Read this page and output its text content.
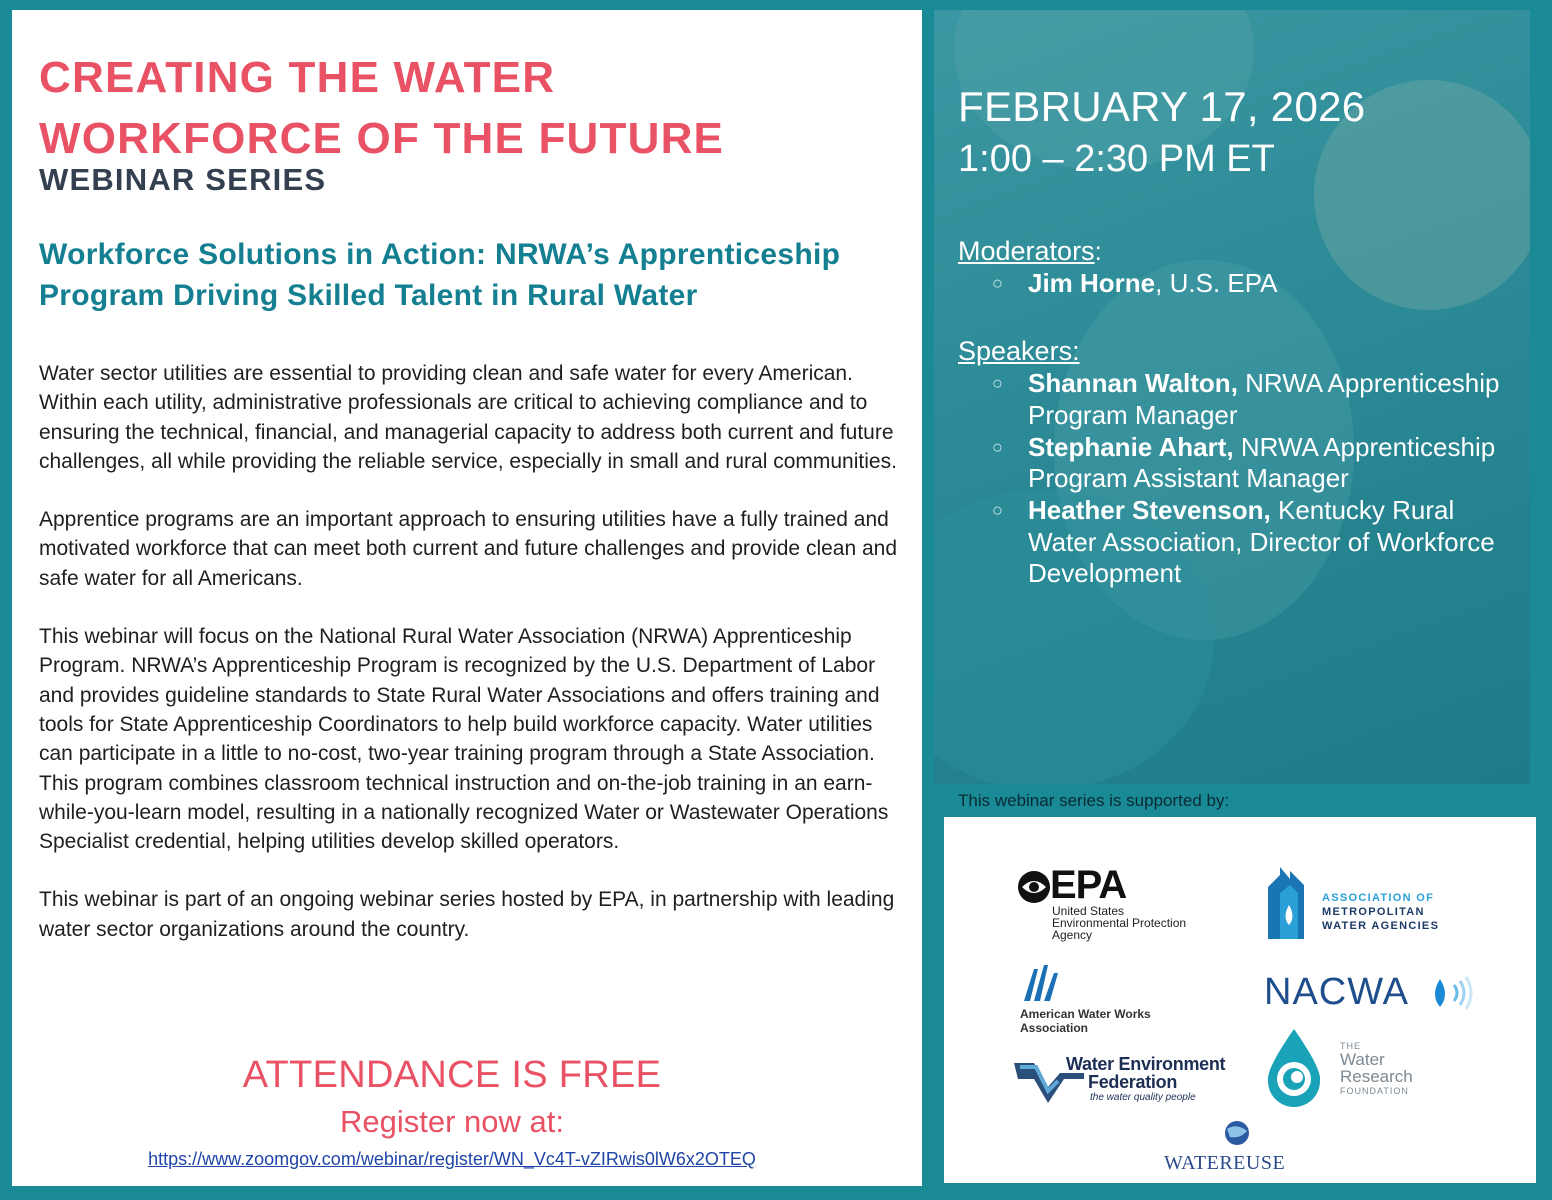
CREATING THE WATER
WORKFORCE OF THE FUTURE
WEBINAR SERIES
Workforce Solutions in Action: NRWA’s Apprenticeship Program Driving Skilled Talent in Rural Water

Water sector utilities are essential to providing clean and safe water for every American. Within each utility, administrative professionals are critical to achieving compliance and to ensuring the technical, financial, and managerial capacity to address both current and future challenges, all while providing the reliable service, especially in small and rural communities.

Apprentice programs are an important approach to ensuring utilities have a fully trained and motivated workforce that can meet both current and future challenges and provide clean and safe water for all Americans.

This webinar will focus on the National Rural Water Association (NRWA) Apprenticeship Program. NRWA’s Apprenticeship Program is recognized by the U.S. Department of Labor and provides guideline standards to State Rural Water Associations and offers training and tools for State Apprenticeship Coordinators to help build workforce capacity. Water utilities can participate in a little to no-cost, two-year training program through a State Association. This program combines classroom technical instruction and on-the-job training in an earn-while-you-learn model, resulting in a nationally recognized Water or Wastewater Operations Specialist credential, helping utilities develop skilled operators.

This webinar is part of an ongoing webinar series hosted by EPA, in partnership with leading water sector organizations around the country.

ATTENDANCE IS FREE
Register now at:
https://www.zoomgov.com/webinar/register/WN_Vc4T-vZIRwis0lW6x2OTEQ
FEBRUARY 17, 2026
1:00 – 2:30 PM ET
Moderators:
○ Jim Horne, U.S. EPA
Speakers:
○ Shannan Walton, NRWA Apprenticeship Program Manager
○ Stephanie Ahart, NRWA Apprenticeship Program Assistant Manager
○ Heather Stevenson, Kentucky Rural Water Association, Director of Workforce Development
This webinar series is supported by:
EPA
United States
Environmental Protection
Agency
ASSOCIATION OF
METROPOLITAN
WATER AGENCIES
American Water Works
Association
NACWA
Water Environment
Federation
the water quality people
THE
Water
Research
FOUNDATION
WATEREUSE
